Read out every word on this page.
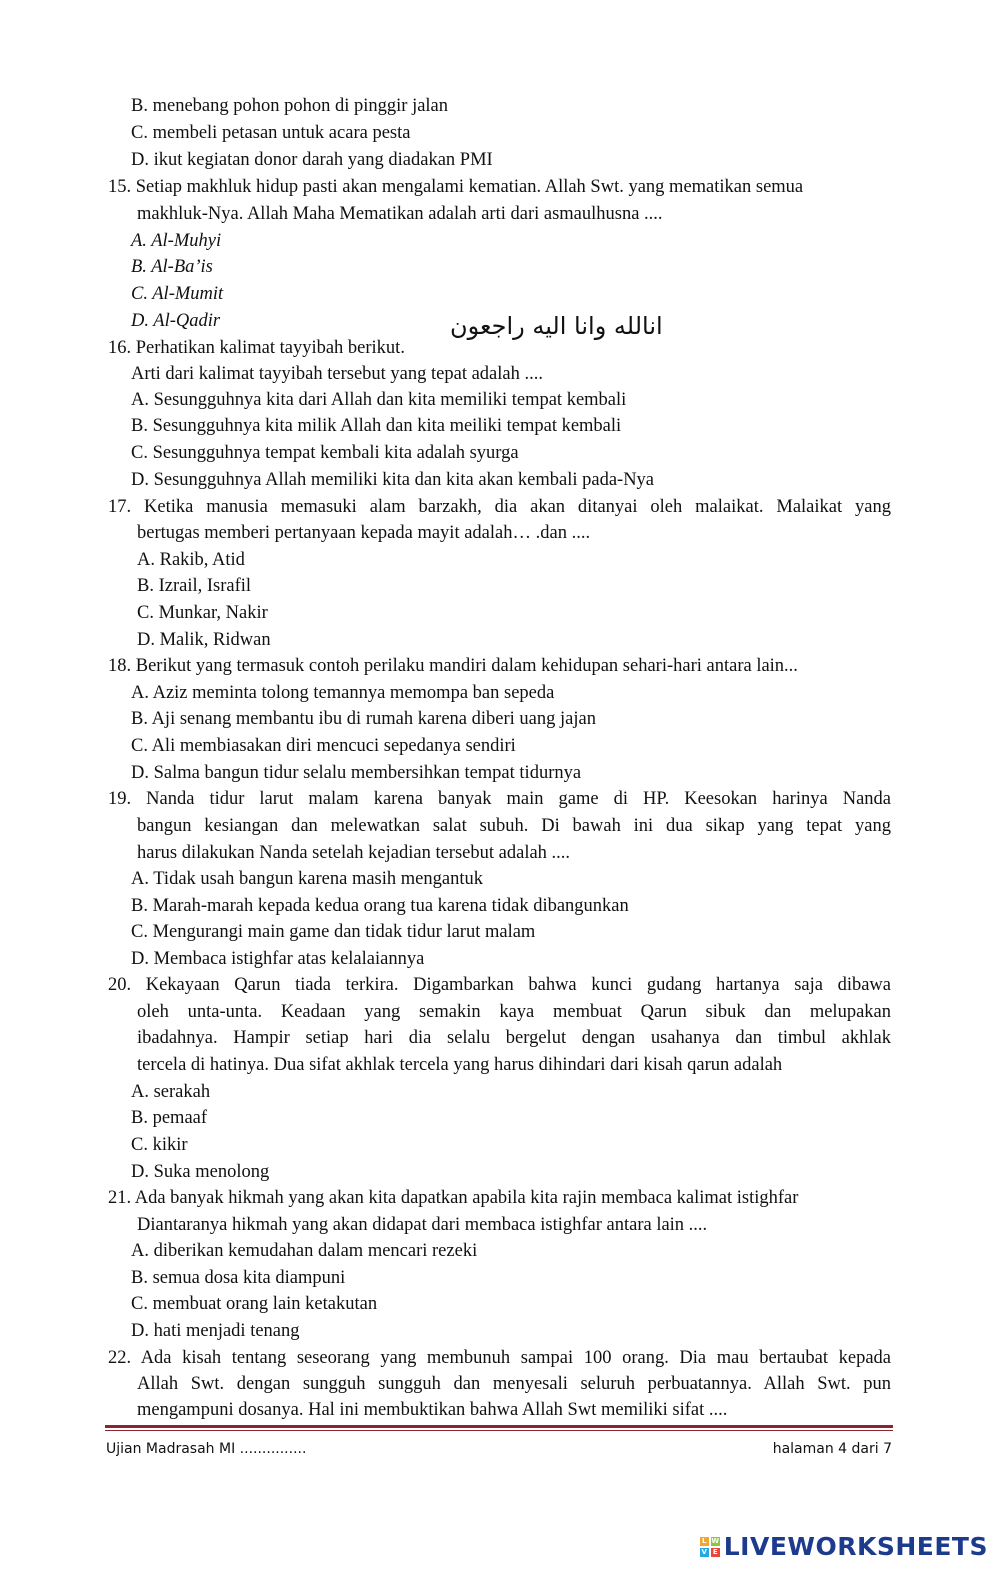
B. menebang pohon pohon di pinggir jalan
C. membeli petasan untuk acara pesta
D. ikut kegiatan donor darah yang diadakan PMI
15. Setiap makhluk hidup pasti akan mengalami kematian. Allah Swt. yang mematikan semua
makhluk-Nya. Allah Maha Mematikan adalah arti dari asmaulhusna ....
A. Al-Muhyi
B. Al-Ba’is
C. Al-Mumit
D. Al-Qadir
16. Perhatikan kalimat tayyibah berikut.
انالله وانا اليه راجعون
Arti dari kalimat tayyibah tersebut yang tepat adalah ....
A. Sesungguhnya kita dari Allah dan kita memiliki tempat kembali
B. Sesungguhnya kita milik Allah dan kita meiliki tempat kembali
C. Sesungguhnya tempat kembali kita adalah syurga
D. Sesungguhnya Allah memiliki kita dan kita akan kembali pada-Nya
17. Ketika manusia memasuki alam barzakh, dia akan ditanyai oleh malaikat. Malaikat yang
bertugas memberi pertanyaan kepada mayit adalah… .dan ....
A. Rakib, Atid
B. Izrail, Israfil
C. Munkar, Nakir
D. Malik, Ridwan
18. Berikut yang termasuk contoh perilaku mandiri dalam kehidupan sehari-hari antara lain...
A. Aziz meminta tolong temannya memompa ban sepeda
B. Aji senang membantu ibu di rumah karena diberi uang jajan
C. Ali membiasakan diri mencuci sepedanya sendiri
D. Salma bangun tidur selalu membersihkan tempat tidurnya
19. Nanda tidur larut malam karena banyak main game di HP. Keesokan harinya Nanda
bangun kesiangan dan melewatkan salat subuh. Di bawah ini dua sikap yang tepat yang
harus dilakukan Nanda setelah kejadian tersebut adalah ....
A. Tidak usah bangun karena masih mengantuk
B. Marah-marah kepada kedua orang tua karena tidak dibangunkan
C. Mengurangi main game dan tidak tidur larut malam
D. Membaca istighfar atas kelalaiannya
20. Kekayaan Qarun tiada terkira. Digambarkan bahwa kunci gudang hartanya saja dibawa
oleh unta-unta. Keadaan yang semakin kaya membuat Qarun sibuk dan melupakan
ibadahnya. Hampir setiap hari dia selalu bergelut dengan usahanya dan timbul akhlak
tercela di hatinya. Dua sifat akhlak tercela yang harus dihindari dari kisah qarun adalah
A. serakah
B. pemaaf
C. kikir
D. Suka menolong
21. Ada banyak hikmah yang akan kita dapatkan apabila kita rajin membaca kalimat istighfar
Diantaranya hikmah yang akan didapat dari membaca istighfar antara lain ....
A. diberikan kemudahan dalam mencari rezeki
B. semua dosa kita diampuni
C. membuat orang lain ketakutan
D. hati menjadi tenang
22. Ada kisah tentang seseorang yang membunuh sampai 100 orang. Dia mau bertaubat kepada
Allah Swt. dengan sungguh sungguh dan menyesali seluruh perbuatannya. Allah Swt. pun
mengampuni dosanya. Hal ini membuktikan bahwa Allah Swt memiliki sifat ....
Ujian Madrasah MI ...............	halaman 4 dari 7
L W
V E LIVEWORKSHEETS
